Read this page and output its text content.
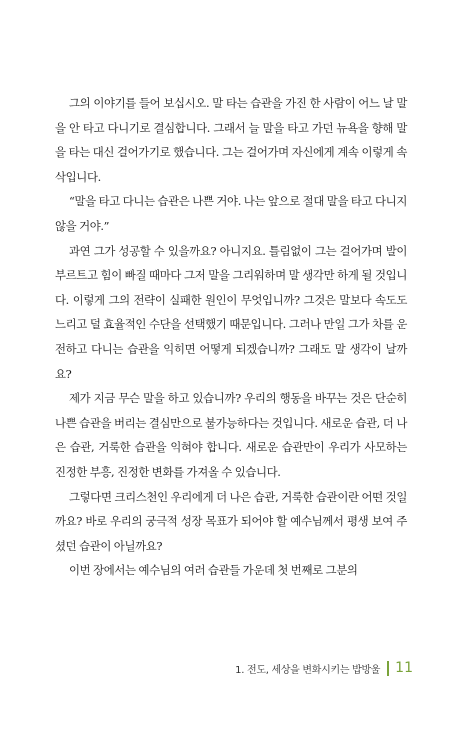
그의 이야기를 들어 보십시오. 말 타는 습관을 가진 한 사람이 어느 날 말을 안 타고 다니기로 결심합니다. 그래서 늘 말을 타고 가던 뉴욕을 향해 말을 타는 대신 걸어가기로 했습니다. 그는 걸어가며 자신에게 계속 이렇게 속삭입니다.

“말을 타고 다니는 습관은 나쁜 거야. 나는 앞으로 절대 말을 타고 다니지 않을 거야.”

과연 그가 성공할 수 있을까요? 아니지요. 틀림없이 그는 걸어가며 발이 부르트고 힘이 빠질 때마다 그저 말을 그리워하며 말 생각만 하게 될 것입니다. 이렇게 그의 전략이 실패한 원인이 무엇입니까? 그것은 말보다 속도도 느리고 덜 효율적인 수단을 선택했기 때문입니다. 그러나 만일 그가 차를 운전하고 다니는 습관을 익히면 어떻게 되겠습니까? 그래도 말 생각이 날까요?

제가 지금 무슨 말을 하고 있습니까? 우리의 행동을 바꾸는 것은 단순히 나쁜 습관을 버리는 결심만으로 불가능하다는 것입니다. 새로운 습관, 더 나은 습관, 거룩한 습관을 익혀야 합니다. 새로운 습관만이 우리가 사모하는 진정한 부흥, 진정한 변화를 가져올 수 있습니다.

그렇다면 크리스천인 우리에게 더 나은 습관, 거룩한 습관이란 어떤 것일까요? 바로 우리의 궁극적 성장 목표가 되어야 할 예수님께서 평생 보여 주셨던 습관이 아닐까요?

이번 장에서는 예수님의 여러 습관들 가운데 첫 번째로 그분의

1. 전도, 세상을 변화시키는 밥방울 11
